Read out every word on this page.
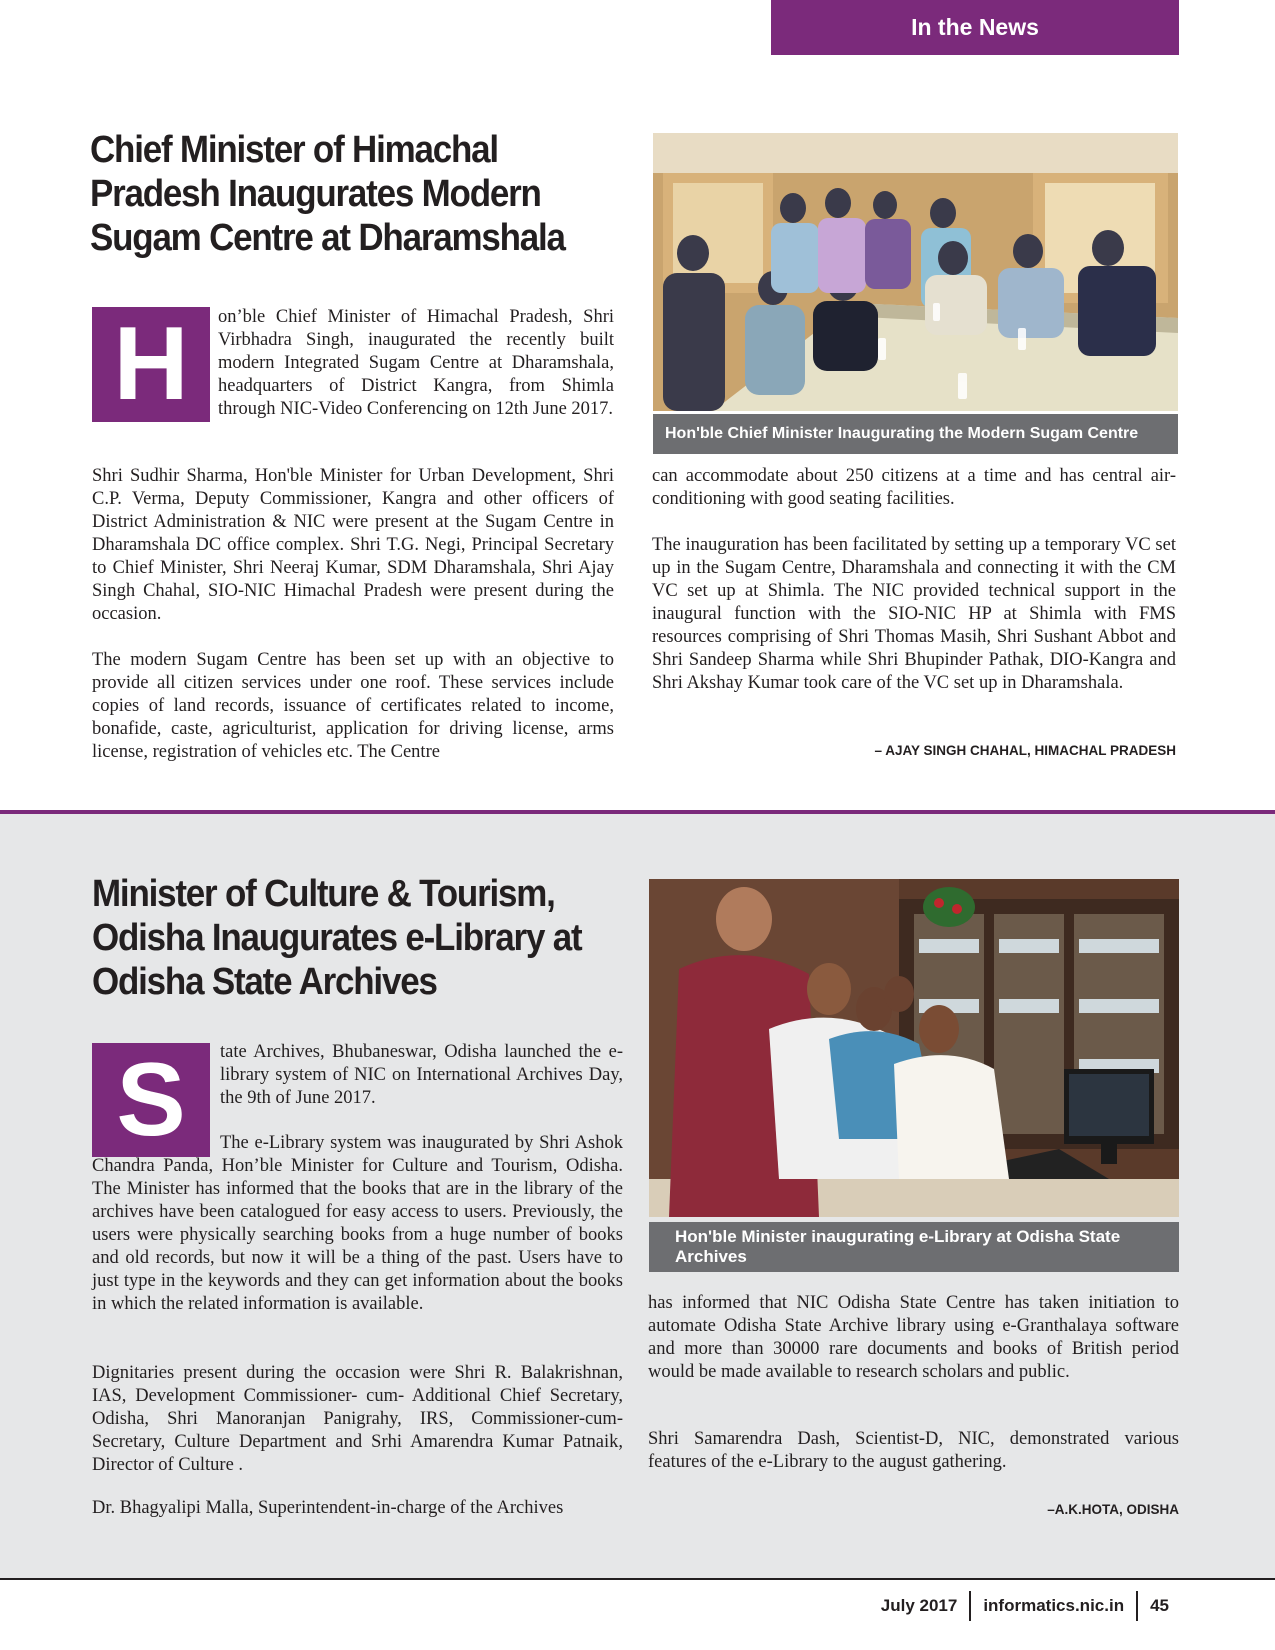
In the News
Chief Minister of Himachal Pradesh Inaugurates Modern Sugam Centre at Dharamshala
H	on’ble Chief Minister of Himachal Pradesh, Shri Virbhadra Singh, inaugurated the recently built modern Integrated Sugam Centre at Dharamshala, headquarters of District Kangra, from Shimla through NIC-Video Conferencing on 12th June 2017.
Shri Sudhir Sharma, Hon'ble Minister for Urban Development, Shri C.P. Verma, Deputy Commissioner, Kangra and other officers of District Administration & NIC were present at the Sugam Centre in Dharamshala DC office complex. Shri T.G. Negi, Principal Secretary to Chief Minister, Shri Neeraj Kumar, SDM Dharamshala, Shri Ajay Singh Chahal, SIO-NIC Himachal Pradesh were present during the occasion.
The modern Sugam Centre has been set up with an objective to provide all citizen services under one roof. These services include copies of land records, issuance of certificates related to income, bonafide, caste, agriculturist, application for driving license, arms license, registration of vehicles etc. The Centre
Hon'ble Chief Minister Inaugurating the Modern Sugam Centre
can accommodate about 250 citizens at a time and has central air-conditioning with good seating facilities.
The inauguration has been facilitated by setting up a temporary VC set up in the Sugam Centre, Dharamshala and connecting it with the CM VC set up at Shimla. The NIC provided technical support in the inaugural function with the SIO-NIC HP at Shimla with FMS resources comprising of Shri Thomas Masih, Shri Sushant Abbot and Shri Sandeep Sharma while Shri Bhupinder Pathak, DIO-Kangra and Shri Akshay Kumar took care of the VC set up in Dharamshala.
– AJAY SINGH CHAHAL, HIMACHAL PRADESH
Minister of Culture & Tourism, Odisha Inaugurates e-Library at Odisha State Archives
S	tate Archives, Bhubaneswar, Odisha launched the e-library system of NIC on International Archives Day, the 9th of June 2017.
The e-Library system was inaugurated by Shri Ashok Chandra Panda, Hon’ble Minister for Culture and Tourism, Odisha. The Minister has informed that the books that are in the library of the archives have been catalogued for easy access to users. Previously, the users were physically searching books from a huge number of books and old records, but now it will be a thing of the past. Users have to just type in the keywords and they can get information about the books in which the related information is available.
Dignitaries present during the occasion were Shri R. Balakrishnan, IAS, Development Commissioner- cum- Additional Chief Secretary, Odisha, Shri Manoranjan Panigrahy, IRS, Commissioner-cum-Secretary, Culture Department and Srhi Amarendra Kumar Patnaik, Director of Culture .
Dr. Bhagyalipi Malla, Superintendent-in-charge of the Archives
Hon'ble Minister inaugurating e-Library at Odisha State Archives
has informed that NIC Odisha State Centre has taken initiation to automate Odisha State Archive library using e-Granthalaya software and more than 30000 rare documents and books of British period would be made available to research scholars and public.
Shri Samarendra Dash, Scientist-D, NIC, demonstrated various features of the e-Library to the august gathering.
–A.K.HOTA, ODISHA
July 2017 informatics.nic.in 45
